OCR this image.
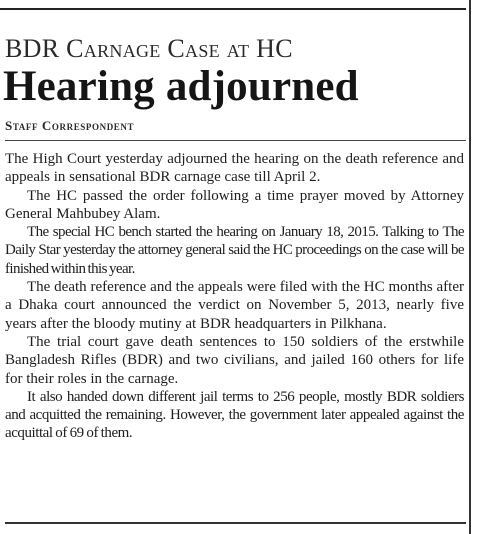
BDR Carnage Case at HC
Hearing adjourned
Staff Correspondent

The High Court yesterday adjourned the hearing on the death reference and appeals in sensational BDR carnage case till April 2.

The HC passed the order following a time prayer moved by Attorney General Mahbubey Alam.

The special HC bench started the hearing on January 18, 2015. Talking to The Daily Star yesterday the attorney general said the HC proceedings on the case will be finished within this year.

The death reference and the appeals were filed with the HC months after a Dhaka court announced the verdict on November 5, 2013, nearly five years after the bloody mutiny at BDR headquarters in Pilkhana.

The trial court gave death sentences to 150 soldiers of the erstwhile Bangladesh Rifles (BDR) and two civilians, and jailed 160 others for life for their roles in the carnage.

It also handed down different jail terms to 256 people, mostly BDR soldiers and acquitted the remaining. However, the government later appealed against the acquittal of 69 of them.
